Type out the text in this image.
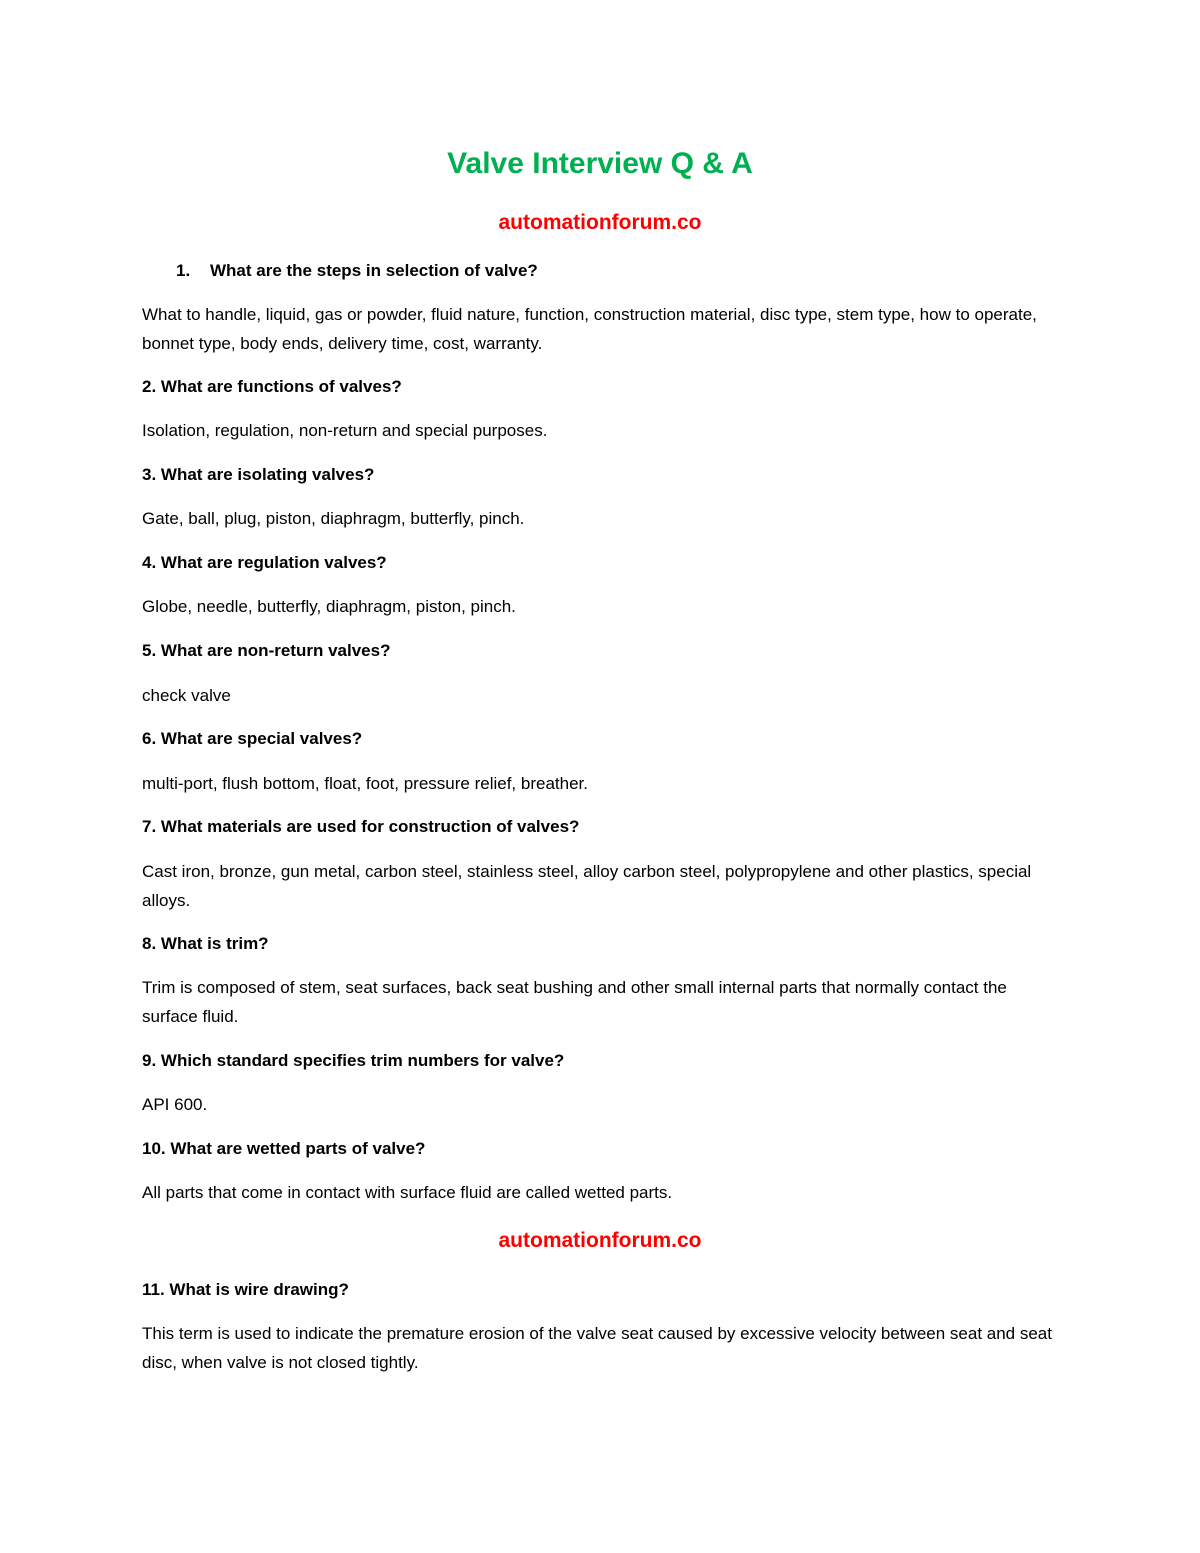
Valve Interview Q & A
automationforum.co
1. What are the steps in selection of valve?
What to handle, liquid, gas or powder, fluid nature, function, construction material, disc type, stem type, how to operate, bonnet type, body ends, delivery time, cost, warranty.
2. What are functions of valves?
Isolation, regulation, non-return and special purposes.
3. What are isolating valves?
Gate, ball, plug, piston, diaphragm, butterfly, pinch.
4. What are regulation valves?
Globe, needle, butterfly, diaphragm, piston, pinch.
5. What are non-return valves?
check valve
6. What are special valves?
multi-port, flush bottom, float, foot, pressure relief, breather.
7. What materials are used for construction of valves?
Cast iron, bronze, gun metal, carbon steel, stainless steel, alloy carbon steel, polypropylene and other plastics, special alloys.
8. What is trim?
Trim is composed of stem, seat surfaces, back seat bushing and other small internal parts that normally contact the surface fluid.
9. Which standard specifies trim numbers for valve?
API 600.
10. What are wetted parts of valve?
All parts that come in contact with surface fluid are called wetted parts.
automationforum.co
11. What is wire drawing?
This term is used to indicate the premature erosion of the valve seat caused by excessive velocity between seat and seat disc, when valve is not closed tightly.
